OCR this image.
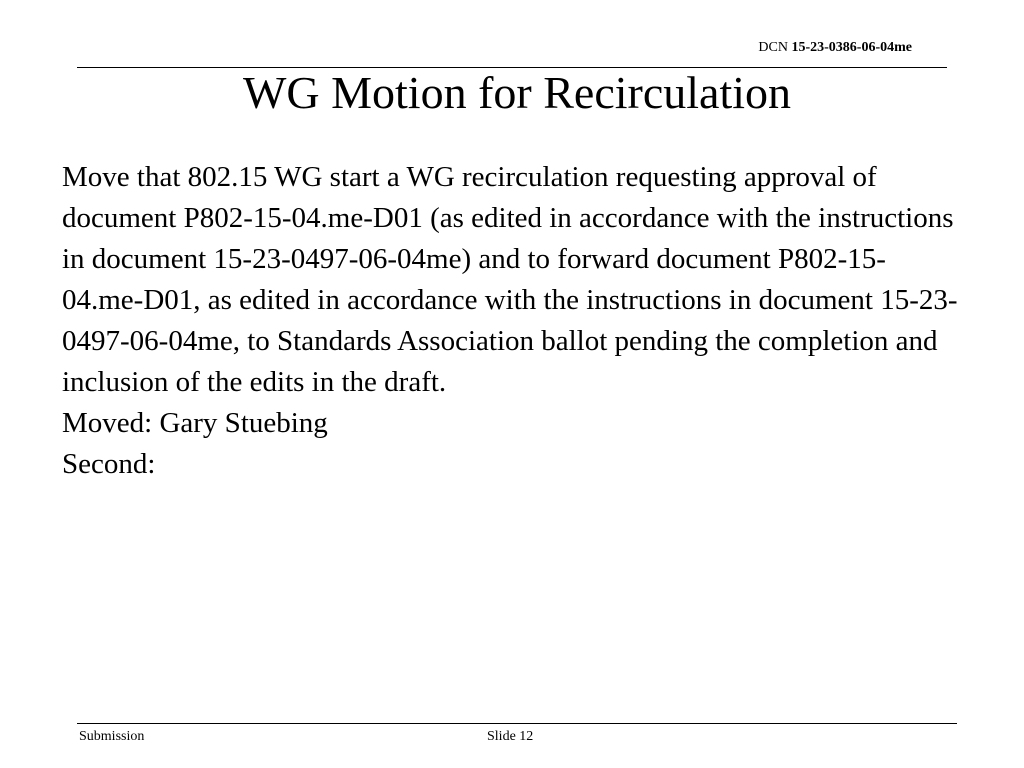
DCN 15-23-0386-06-04me
WG Motion for Recirculation

Move that 802.15 WG start a WG recirculation requesting approval of document P802-15-04.me-D01 (as edited in accordance with the instructions in document 15-23-0497-06-04me) and to forward document P802-15-04.me-D01, as edited in accordance with the instructions in document 15-23-0497-06-04me, to Standards Association ballot pending the completion and inclusion of the edits in the draft.

Moved: Gary Stuebing

Second:

Submission	Slide 12
